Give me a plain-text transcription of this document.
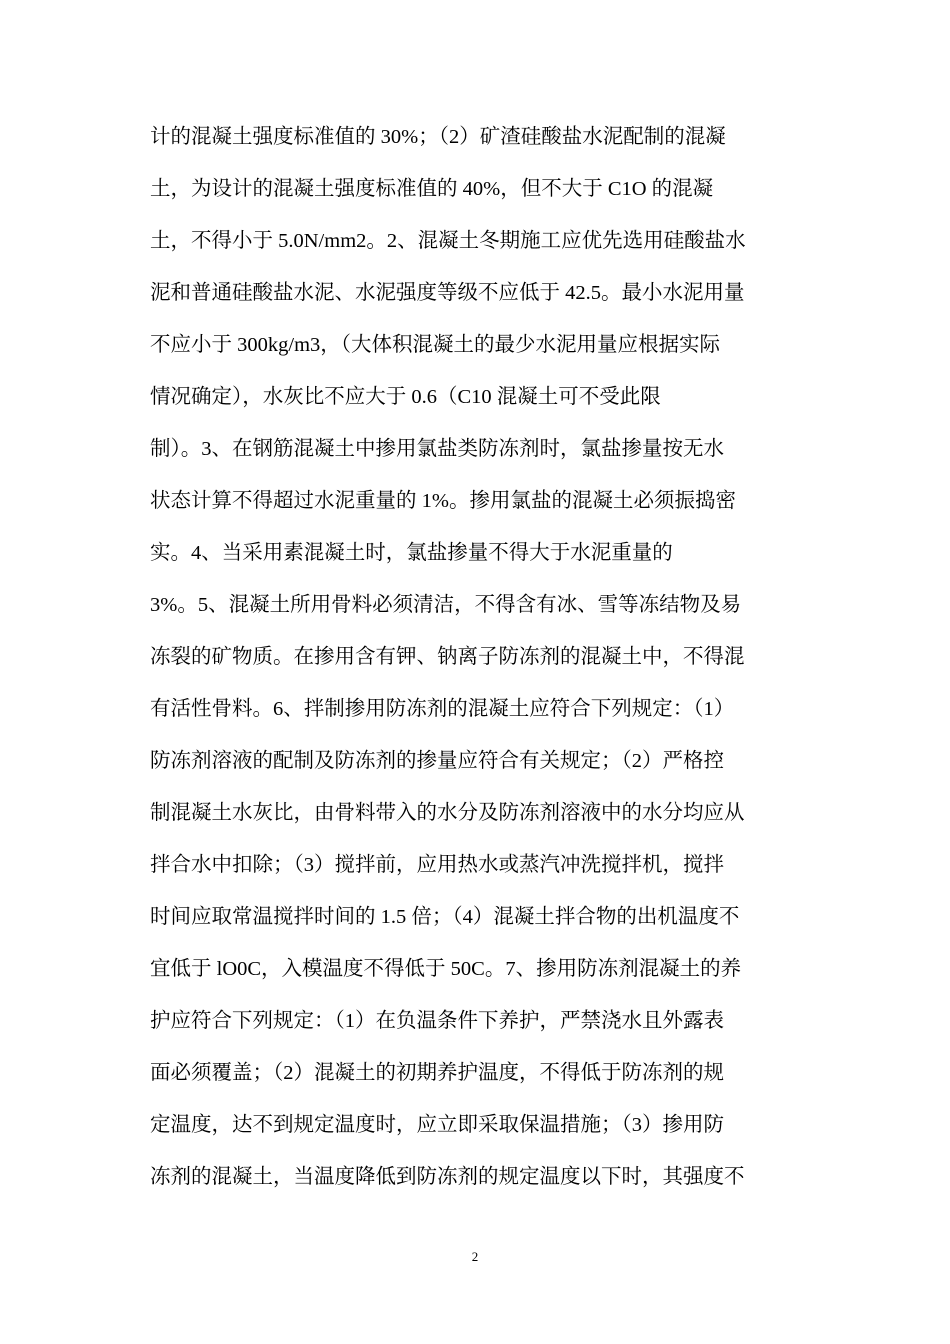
计的混凝土强度标准值的 30%；（2）矿渣硅酸盐水泥配制的混凝
土，为设计的混凝土强度标准值的 40%，但不大于 C1O 的混凝
土，不得小于 5.0N/mm2。2、混凝土冬期施工应优先选用硅酸盐水
泥和普通硅酸盐水泥、水泥强度等级不应低于 42.5。最小水泥用量
不应小于 300kg/m3，（大体积混凝土的最少水泥用量应根据实际
情况确定），水灰比不应大于 0.6（C10 混凝土可不受此限
制）。3、在钢筋混凝土中掺用氯盐类防冻剂时，氯盐掺量按无水
状态计算不得超过水泥重量的 1%。掺用氯盐的混凝土必须振捣密
实。4、当采用素混凝土时，氯盐掺量不得大于水泥重量的
3%。5、混凝土所用骨料必须清洁，不得含有冰、雪等冻结物及易
冻裂的矿物质。在掺用含有钾、钠离子防冻剂的混凝土中，不得混
有活性骨料。6、拌制掺用防冻剂的混凝土应符合下列规定：（1）
防冻剂溶液的配制及防冻剂的掺量应符合有关规定；（2）严格控
制混凝土水灰比，由骨料带入的水分及防冻剂溶液中的水分均应从
拌合水中扣除；（3）搅拌前，应用热水或蒸汽冲洗搅拌机，搅拌
时间应取常温搅拌时间的 1.5 倍；（4）混凝土拌合物的出机温度不
宜低于 lO0C，入模温度不得低于 50C。7、掺用防冻剂混凝土的养
护应符合下列规定：（1）在负温条件下养护，严禁浇水且外露表
面必须覆盖；（2）混凝土的初期养护温度，不得低于防冻剂的规
定温度，达不到规定温度时，应立即采取保温措施；（3）掺用防
冻剂的混凝土，当温度降低到防冻剂的规定温度以下时，其强度不
2
